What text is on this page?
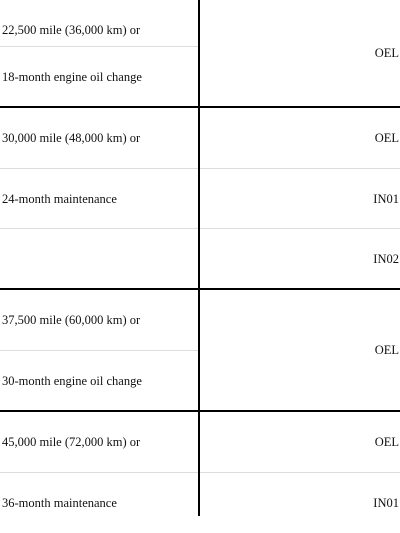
22,500 mile (36,000 km) or
18-month engine oil change
OEL
30,000 mile (48,000 km) or
24-month maintenance
OEL
IN01
IN02
37,500 mile (60,000 km) or
30-month engine oil change
OEL
45,000 mile (72,000 km) or
36-month maintenance
OEL
IN01
